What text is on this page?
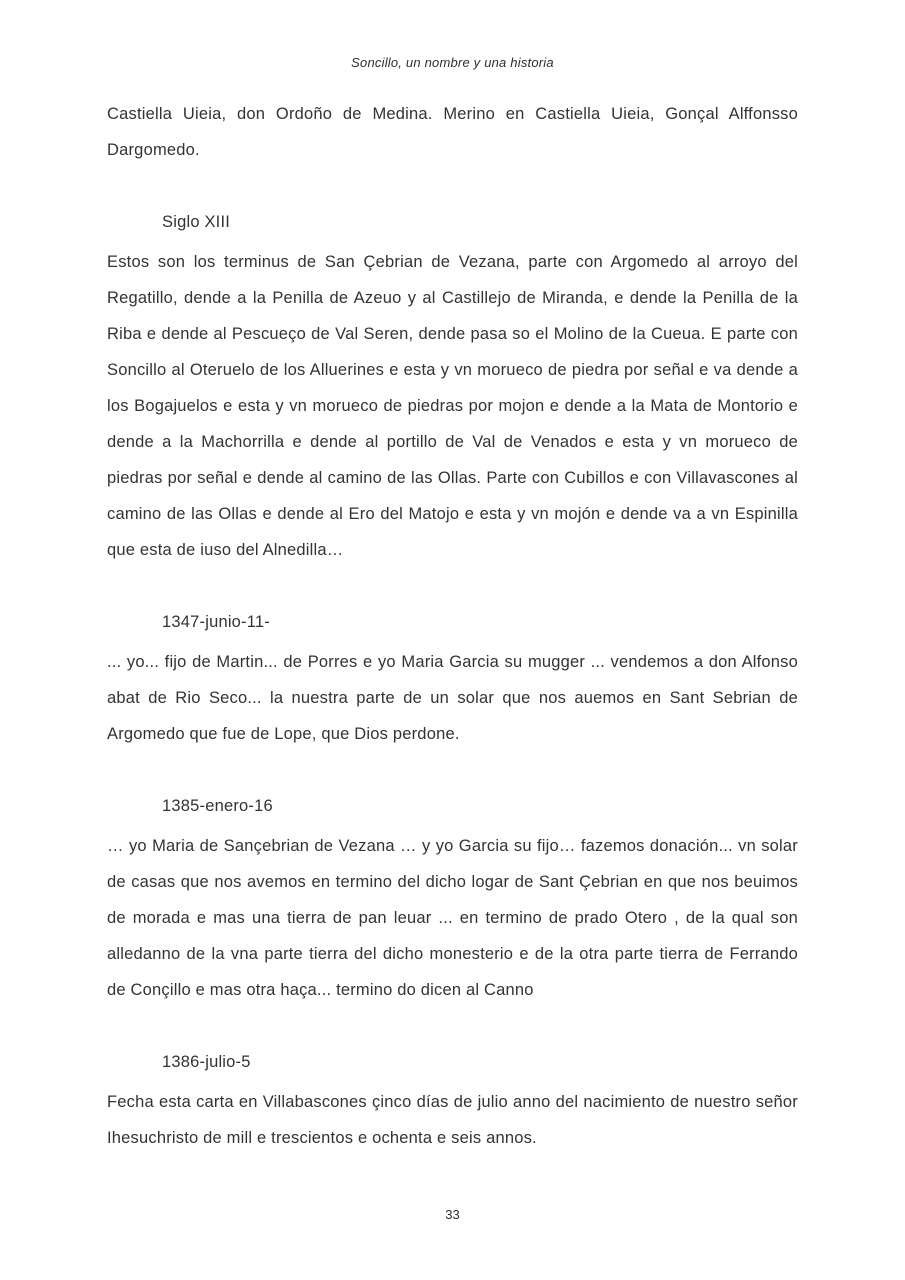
Soncillo, un nombre y una historia

Castiella Uieia, don Ordoño de Medina. Merino en Castiella Uieia, Gonçal Alffonsso Dargomedo.

Siglo XIII

Estos son los terminus de San Çebrian de Vezana, parte con Argomedo al arroyo del Regatillo, dende a la Penilla de Azeuo y al Castillejo de Miranda, e dende la Penilla de la Riba e dende al Pescueço de Val Seren, dende pasa so el Molino de la Cueua. E parte con Soncillo al Oteruelo de los Alluerines e esta y vn morueco de piedra por señal e va dende a los Bogajuelos e esta y vn morueco de piedras por mojon e dende a la Mata de Montorio e dende a la Machorrilla e dende al portillo de Val de Venados e esta y vn morueco de piedras por señal e dende al camino de las Ollas. Parte con Cubillos e con Villavascones al camino de las Ollas e dende al Ero del Matojo e esta y vn mojón e dende va a vn Espinilla que esta de iuso del Alnedilla…

1347-junio-11-

... yo... fijo de Martin... de Porres e yo Maria Garcia su mugger ... vendemos a don Alfonso abat de Rio Seco... la nuestra parte de un solar que nos auemos en Sant Sebrian de Argomedo que fue de Lope, que Dios perdone.

1385-enero-16

… yo Maria de Sançebrian de Vezana … y yo Garcia su fijo… fazemos donación... vn solar de casas que nos avemos en termino del dicho logar de Sant Çebrian en que nos beuimos de morada e mas una tierra de pan leuar ... en termino de prado Otero , de la qual son alledanno de la vna parte tierra del dicho monesterio e de la otra parte tierra de Ferrando de Conçillo e mas otra haça... termino do dicen al Canno

1386-julio-5

Fecha esta carta en Villabascones çinco días de julio anno del nacimiento de nuestro señor Ihesuchristo de mill e trescientos e ochenta e seis annos.

33
